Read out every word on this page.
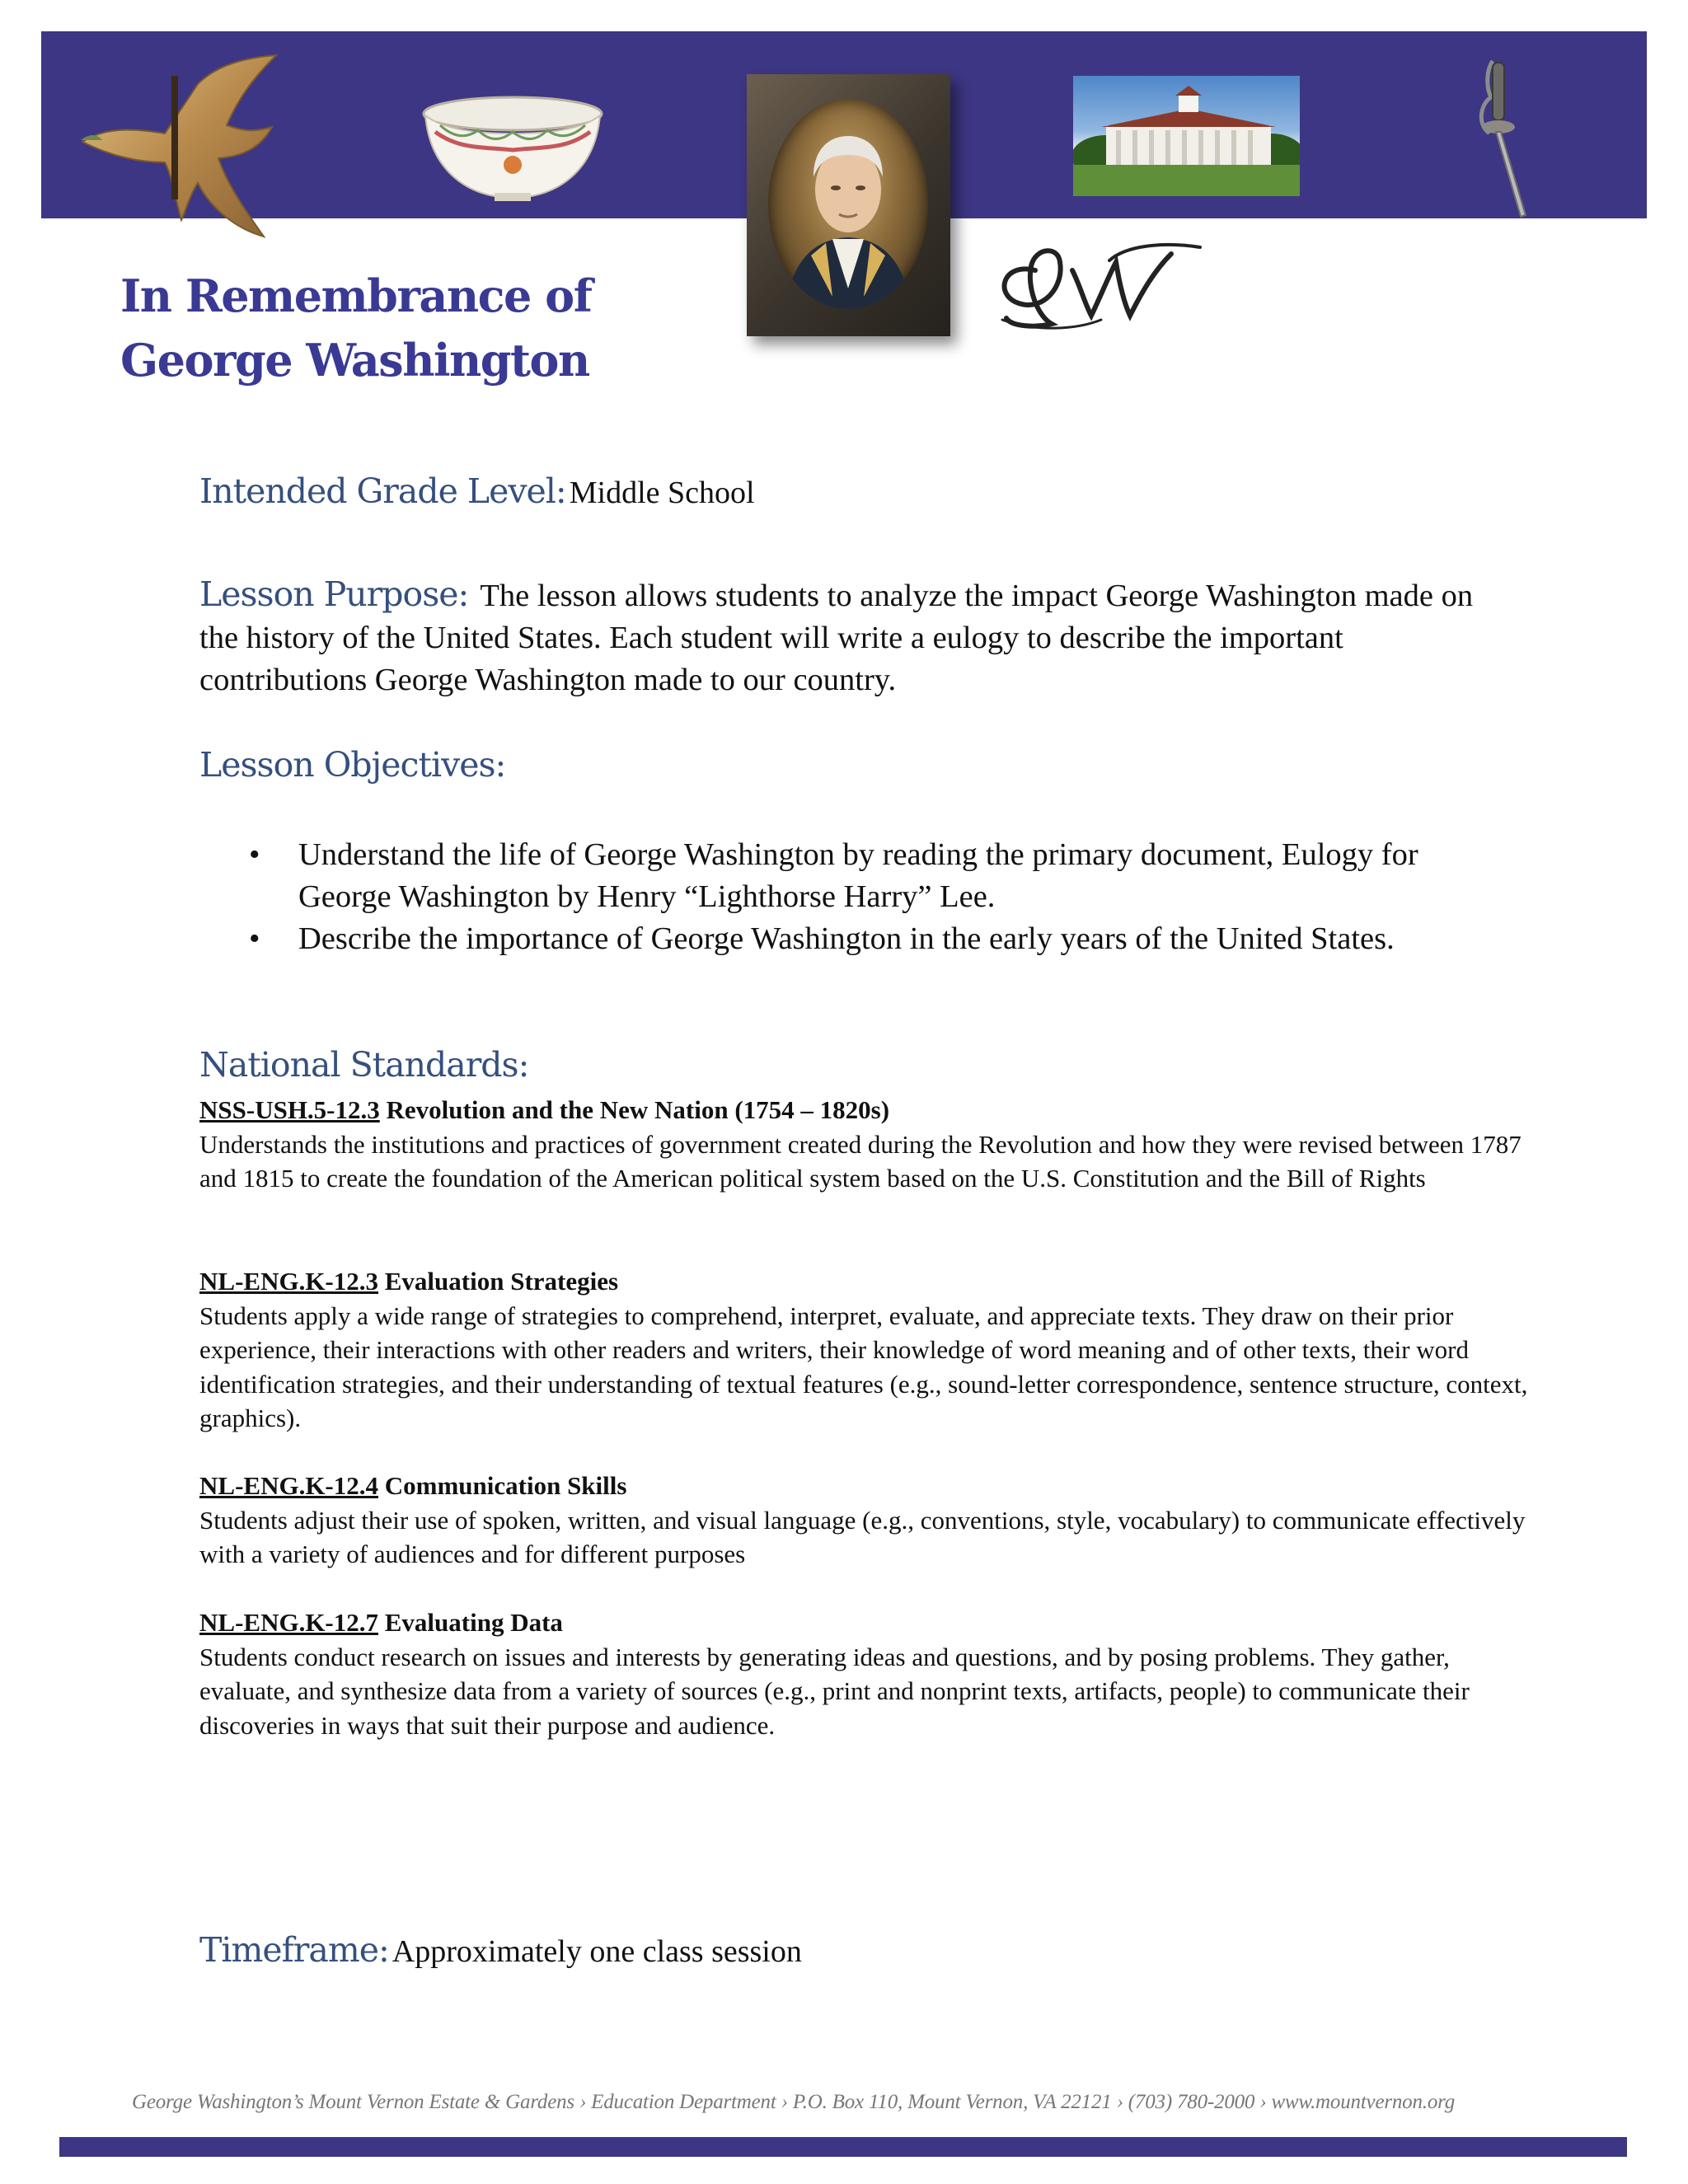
In Remembrance of
George Washington
Intended Grade Level: Middle School
Lesson Purpose: The lesson allows students to analyze the impact George Washington made on the history of the United States. Each student will write a eulogy to describe the important contributions George Washington made to our country.
Lesson Objectives:
• Understand the life of George Washington by reading the primary document, Eulogy for George Washington by Henry “Lighthorse Harry” Lee.
• Describe the importance of George Washington in the early years of the United States.
National Standards:
NSS-USH.5-12.3 Revolution and the New Nation (1754 – 1820s)
Understands the institutions and practices of government created during the Revolution and how they were revised between 1787 and 1815 to create the foundation of the American political system based on the U.S. Constitution and the Bill of Rights
NL-ENG.K-12.3 Evaluation Strategies
Students apply a wide range of strategies to comprehend, interpret, evaluate, and appreciate texts. They draw on their prior experience, their interactions with other readers and writers, their knowledge of word meaning and of other texts, their word identification strategies, and their understanding of textual features (e.g., sound-letter correspondence, sentence structure, context, graphics).
NL-ENG.K-12.4 Communication Skills
Students adjust their use of spoken, written, and visual language (e.g., conventions, style, vocabulary) to communicate effectively with a variety of audiences and for different purposes
NL-ENG.K-12.7 Evaluating Data
Students conduct research on issues and interests by generating ideas and questions, and by posing problems. They gather, evaluate, and synthesize data from a variety of sources (e.g., print and nonprint texts, artifacts, people) to communicate their discoveries in ways that suit their purpose and audience.
Timeframe: Approximately one class session
George Washington’s Mount Vernon Estate & Gardens › Education Department › P.O. Box 110, Mount Vernon, VA 22121 › (703) 780-2000 › www.mountvernon.org
